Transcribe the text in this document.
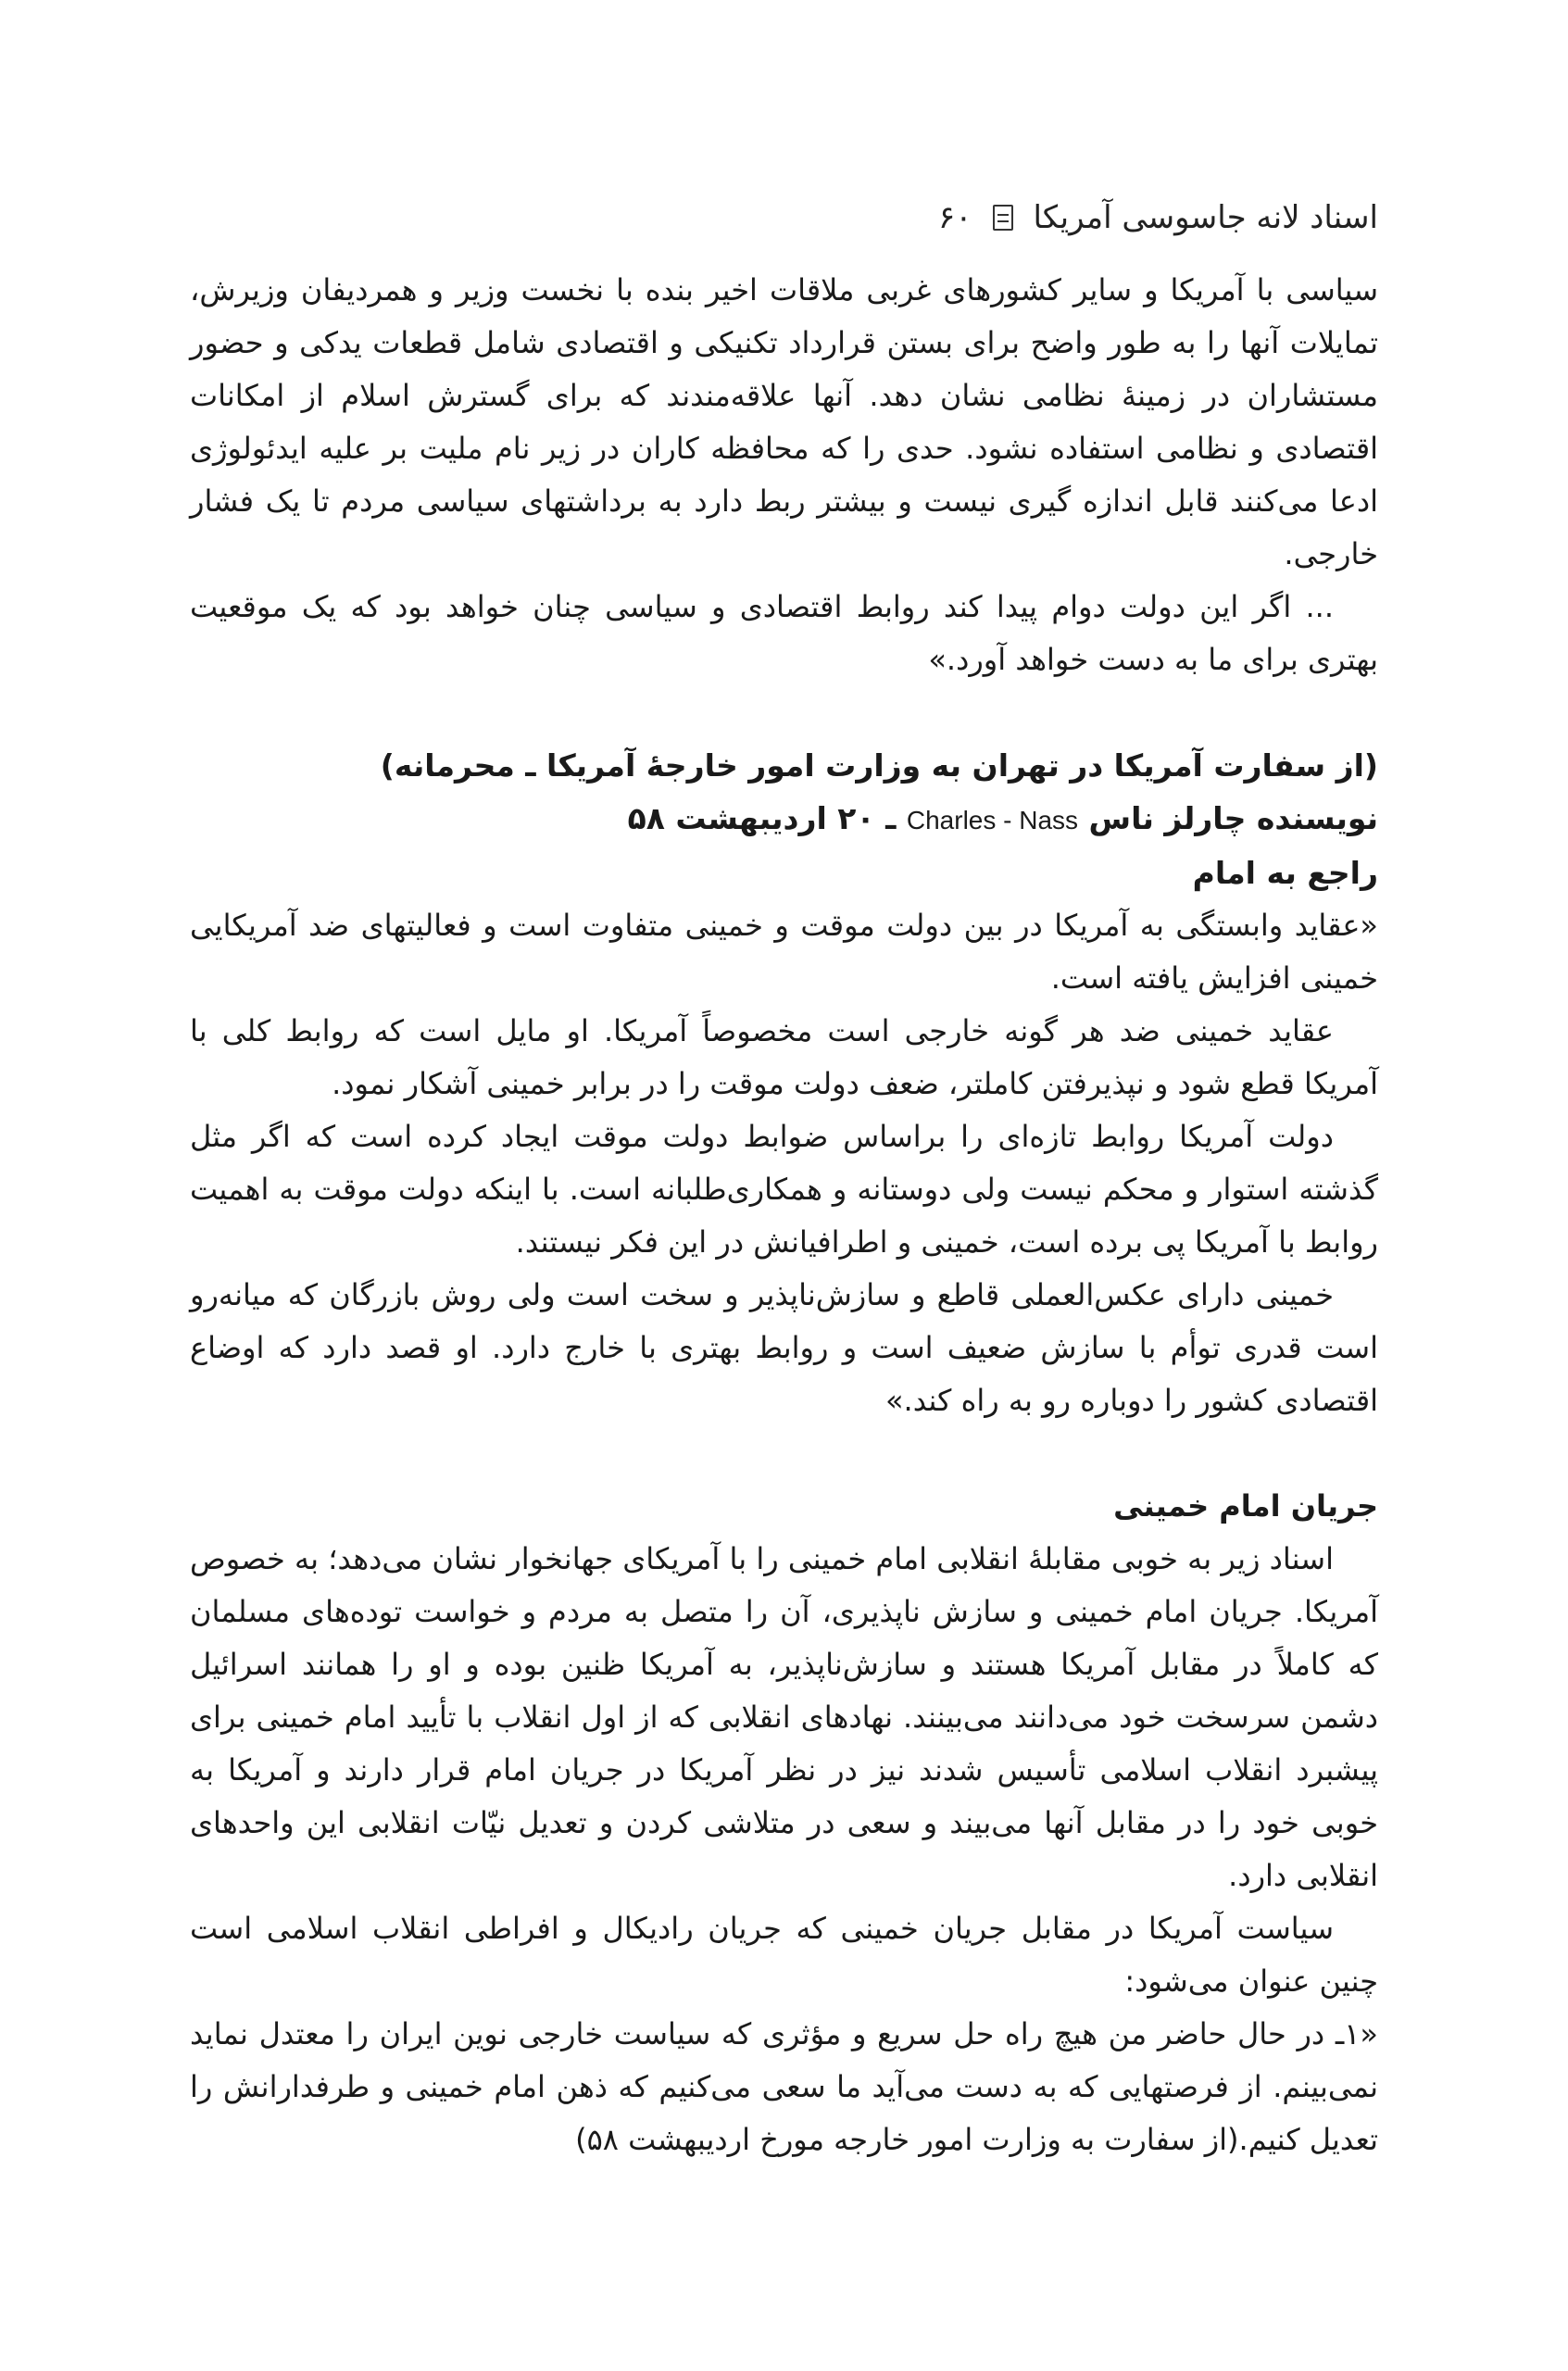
اسناد لانه جاسوسی آمریکا
۶۰

سیاسی با آمریکا و سایر کشورهای غربی ملاقات اخیر بنده با نخست وزیر و همردیفان وزیرش، تمایلات آنها را به طور واضح برای بستن قرارداد تکنیکی و اقتصادی شامل قطعات یدکی و حضور مستشاران در زمینهٔ نظامی نشان دهد. آنها علاقه‌مندند که برای گسترش اسلام از امکانات اقتصادی و نظامی استفاده نشود. حدی را که محافظه کاران در زیر نام ملیت بر علیه ایدئولوژی ادعا می‌کنند قابل اندازه گیری نیست و بیشتر ربط دارد به برداشتهای سیاسی مردم تا یک فشار خارجی.

... اگر این دولت دوام پیدا کند روابط اقتصادی و سیاسی چنان خواهد بود که یک موقعیت بهتری برای ما به دست خواهد آورد.»

(از سفارت آمریکا در تهران به وزارت امور خارجهٔ آمریکا ـ محرمانه)

نویسنده چارلز ناس Charles - Nass ـ ۲۰ اردیبهشت ۵۸

راجع به امام

«عقاید وابستگی به آمریکا در بین دولت موقت و خمینی متفاوت است و فعالیتهای ضد آمریکایی خمینی افزایش یافته است.

عقاید خمینی ضد هر گونه خارجی است مخصوصاً آمریکا. او مایل است که روابط کلی با آمریکا قطع شود و نپذیرفتن کاملتر، ضعف دولت موقت را در برابر خمینی آشکار نمود.

دولت آمریکا روابط تازه‌ای را براساس ضوابط دولت موقت ایجاد کرده است که اگر مثل گذشته استوار و محکم نیست ولی دوستانه و همکاری‌طلبانه است. با اینکه دولت موقت به اهمیت روابط با آمریکا پی برده است، خمینی و اطرافیانش در این فکر نیستند.

خمینی دارای عکس‌العملی قاطع و سازش‌ناپذیر و سخت است ولی روش بازرگان که میانه‌رو است قدری توأم با سازش ضعیف است و روابط بهتری با خارج دارد. او قصد دارد که اوضاع اقتصادی کشور را دوباره رو به راه کند.»

جریان امام خمینی

اسناد زیر به خوبی مقابلهٔ انقلابی امام خمینی را با آمریکای جهانخوار نشان می‌دهد؛ به خصوص آمریکا. جریان امام خمینی و سازش ناپذیری، آن را متصل به مردم و خواست توده‌های مسلمان که کاملاً در مقابل آمریکا هستند و سازش‌ناپذیر، به آمریکا ظنین بوده و او را همانند اسرائیل دشمن سرسخت خود می‌دانند می‌بینند. نهادهای انقلابی که از اول انقلاب با تأیید امام خمینی برای پیشبرد انقلاب اسلامی تأسیس شدند نیز در نظر آمریکا در جریان امام قرار دارند و آمریکا به خوبی خود را در مقابل آنها می‌بیند و سعی در متلاشی کردن و تعدیل نیّات انقلابی این واحدهای انقلابی دارد.

سیاست آمریکا در مقابل جریان خمینی که جریان رادیکال و افراطی انقلاب اسلامی است چنین عنوان می‌شود:

«۱ـ در حال حاضر من هیچ راه حل سریع و مؤثری که سیاست خارجی نوین ایران را معتدل نماید نمی‌بینم. از فرصتهایی که به دست می‌آید ما سعی می‌کنیم که ذهن امام خمینی و طرفدارانش را تعدیل کنیم.(از سفارت به وزارت امور خارجه مورخ اردیبهشت ۵۸)
